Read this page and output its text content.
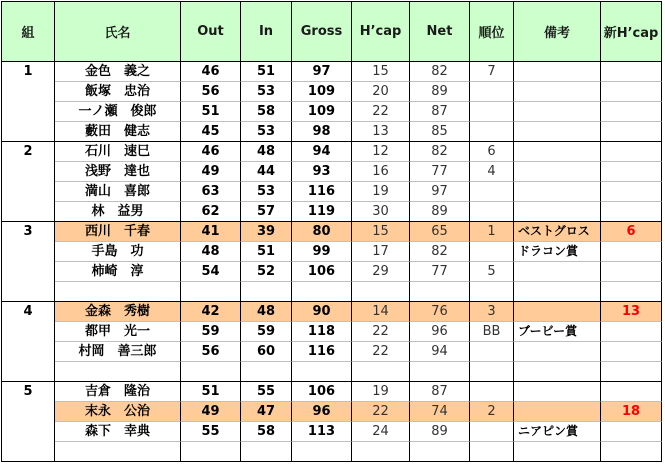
組	氏名	Out	In	Gross	H’cap	Net	順位	備考	新H’cap
1	金色　義之	46	51	97	15	82	7		
	飯塚　忠治	56	53	109	20	89			
	一ノ瀬　俊郎	51	58	109	22	87			
	藪田　健志	45	53	98	13	85			
2	石川　速巳	46	48	94	12	82	6		
	浅野　達也	49	44	93	16	77	4		
	満山　喜郎	63	53	116	19	97			
	林　益男	62	57	119	30	89			
3	西川　千春	41	39	80	15	65	1	ベストグロス	6
	手島　功	48	51	99	17	82		ドラコン賞	
	柿崎　淳	54	52	106	29	77	5		

4	金森　秀樹	42	48	90	14	76	3		13
	都甲　光一	59	59	118	22	96	BB	ブービー賞	
	村岡　善三郎	56	60	116	22	94			

5	吉倉　隆治	51	55	106	19	87			
	末永　公治	49	47	96	22	74	2		18
	森下　幸典	55	58	113	24	89		ニアピン賞	
